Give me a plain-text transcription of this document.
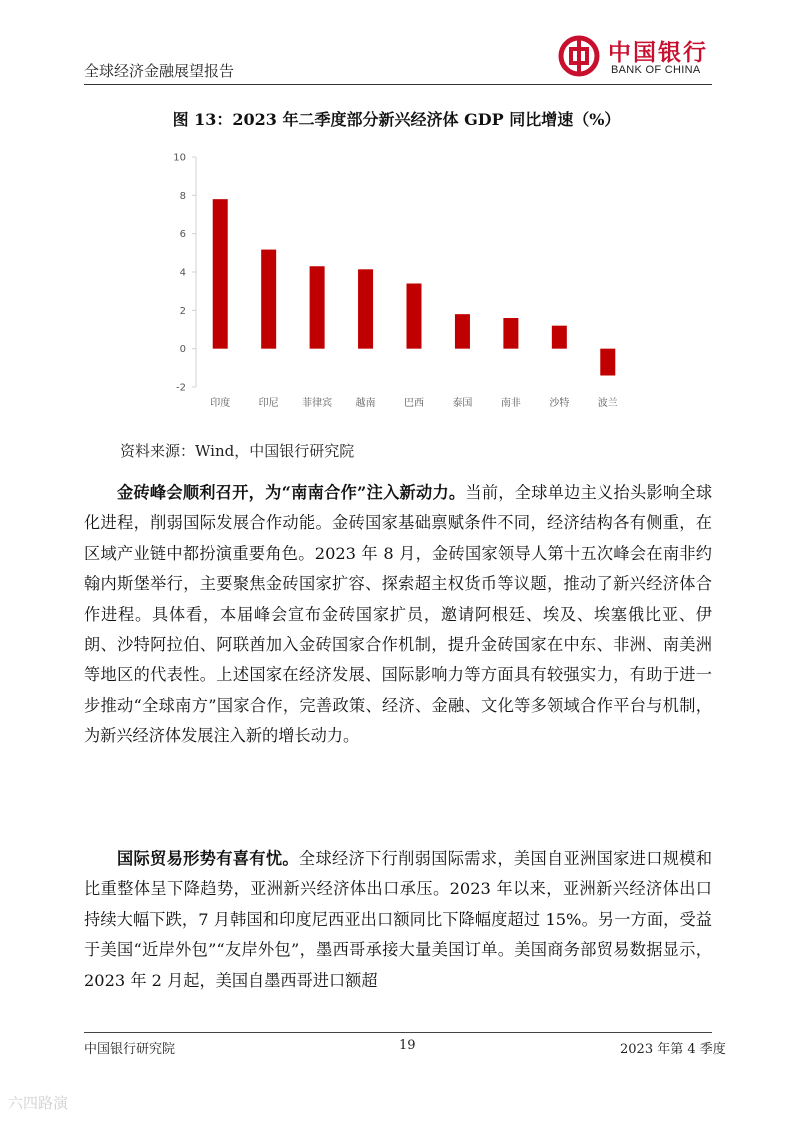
全球经济金融展望报告
中国银行
BANK OF CHINA
图 13：2023 年二季度部分新兴经济体 GDP 同比增速（%）
-2
0
2
4
6
8
10
印度	印尼 菲律宾 越南	巴西	泰国	南非	沙特	波兰
资料来源：Wind，中国银行研究院
金砖峰会顺利召开，为“南南合作”注入新动力。当前，全球单边主义抬头影响全球化进程，削弱国际发展合作动能。金砖国家基础禀赋条件不同，经济结构各有侧重，在区域产业链中都扮演重要角色。2023 年 8 月，金砖国家领导人第十五次峰会在南非约翰内斯堡举行，主要聚焦金砖国家扩容、探索超主权货币等议题，推动了新兴经济体合作进程。具体看，本届峰会宣布金砖国家扩员，邀请阿根廷、埃及、埃塞俄比亚、伊朗、沙特阿拉伯、阿联酋加入金砖国家合作机制，提升金砖国家在中东、非洲、南美洲等地区的代表性。上述国家在经济发展、国际影响力等方面具有较强实力，有助于进一步推动“全球南方”国家合作，完善政策、经济、金融、文化等多领域合作平台与机制，为新兴经济体发展注入新的增长动力。
国际贸易形势有喜有忧。全球经济下行削弱国际需求，美国自亚洲国家进口规模和比重整体呈下降趋势，亚洲新兴经济体出口承压。2023 年以来，亚洲新兴经济体出口持续大幅下跌，7 月韩国和印度尼西亚出口额同比下降幅度超过 15%。另一方面，受益于美国“近岸外包”“友岸外包”，墨西哥承接大量美国订单。美国商务部贸易数据显示，2023 年 2 月起，美国自墨西哥进口额超
中国银行研究院	19	2023 年第 4 季度
六四路演
